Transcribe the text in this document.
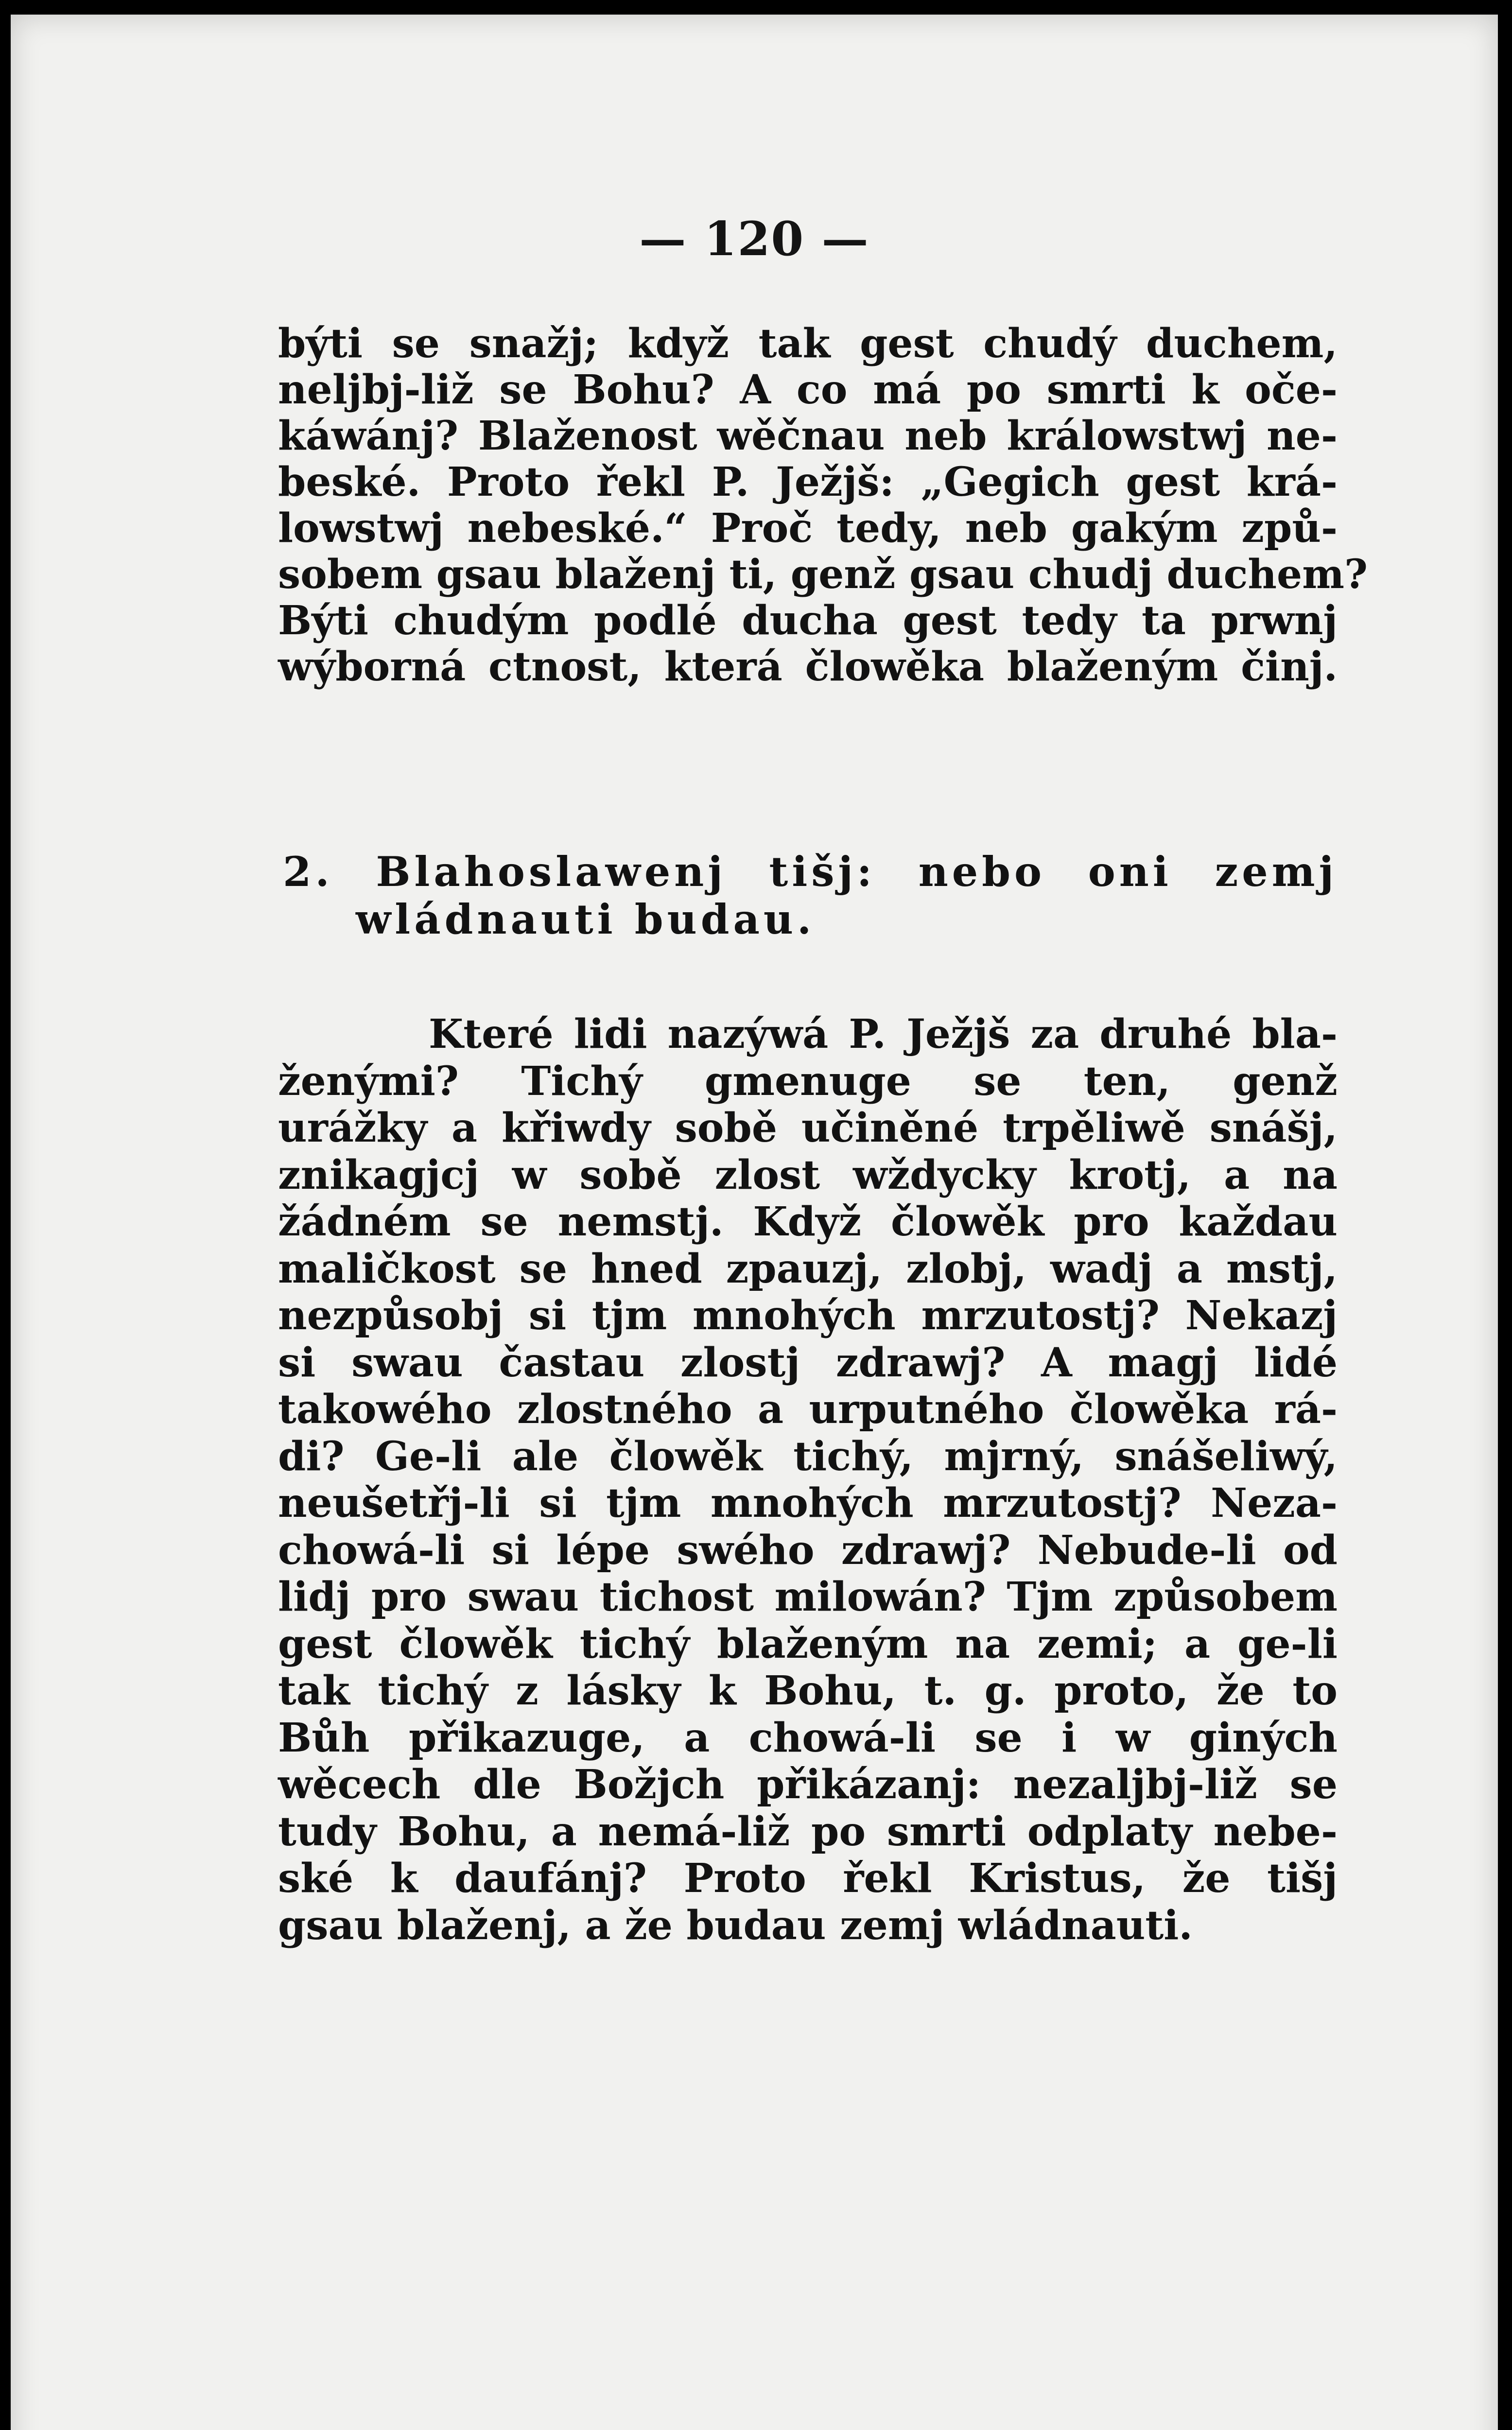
— 120 —
býti se snažj; když tak gest chudý duchem,
neljbj-liž se Bohu? A co má po smrti k oče-
káwánj? Blaženost wěčnau neb králowstwj ne-
beské. Proto řekl P. Ježjš: „Gegich gest krá-
lowstwj nebeské.“ Proč tedy, neb gakým způ-
sobem gsau blaženj ti, genž gsau chudj duchem?
Býti chudým podlé ducha gest tedy ta prwnj
wýborná ctnost, která člowěka blaženým činj.
2. Blahoslawenj tišj: nebo oni zemj
wládnauti budau.
Které lidi nazýwá P. Ježjš za druhé bla-
ženými? Tichý gmenuge se ten, genž
urážky a křiwdy sobě učiněné trpěliwě snášj,
znikagjcj w sobě zlost wždycky krotj, a na
žádném se nemstj. Když člowěk pro každau
maličkost se hned zpauzj, zlobj, wadj a mstj,
nezpůsobj si tjm mnohých mrzutostj? Nekazj
si swau častau zlostj zdrawj? A magj lidé
takowého zlostného a urputného člowěka rá-
di? Ge-li ale člowěk tichý, mjrný, snášeliwý,
neušetřj-li si tjm mnohých mrzutostj? Neza-
chowá-li si lépe swého zdrawj? Nebude-li od
lidj pro swau tichost milowán? Tjm způsobem
gest člowěk tichý blaženým na zemi; a ge-li
tak tichý z lásky k Bohu, t. g. proto, že to
Bůh přikazuge, a chowá-li se i w giných
wěcech dle Božjch přikázanj: nezaljbj-liž se
tudy Bohu, a nemá-liž po smrti odplaty nebe-
ské k daufánj? Proto řekl Kristus, že tišj
gsau blaženj, a že budau zemj wládnauti.
